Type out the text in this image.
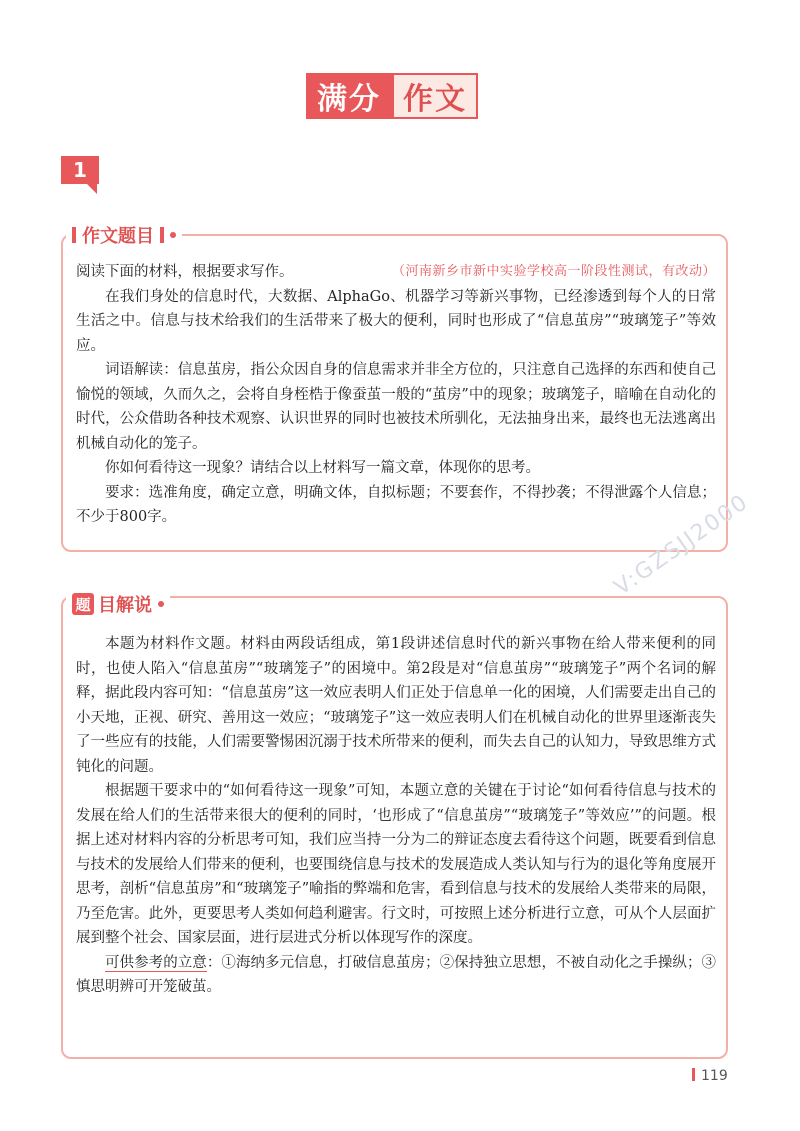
满分 作文
1
作文题目

阅读下面的材料，根据要求写作。	（河南新乡市新中实验学校高一阶段性测试，有改动）

在我们身处的信息时代，大数据、AlphaGo、机器学习等新兴事物，已经渗透到每个人的日常生活之中。信息与技术给我们的生活带来了极大的便利，同时也形成了“信息茧房”“玻璃笼子”等效应。

词语解读：信息茧房，指公众因自身的信息需求并非全方位的，只注意自己选择的东西和使自己愉悦的领域，久而久之，会将自身桎梏于像蚕茧一般的“茧房”中的现象；玻璃笼子，暗喻在自动化的时代，公众借助各种技术观察、认识世界的同时也被技术所驯化，无法抽身出来，最终也无法逃离出机械自动化的笼子。

你如何看待这一现象？请结合以上材料写一篇文章，体现你的思考。

要求：选准角度，确定立意，明确文体，自拟标题；不要套作，不得抄袭；不得泄露个人信息；不少于800字。

题 目解说

本题为材料作文题。材料由两段话组成，第1段讲述信息时代的新兴事物在给人带来便利的同时，也使人陷入“信息茧房”“玻璃笼子”的困境中。第2段是对“信息茧房”“玻璃笼子”两个名词的解释，据此段内容可知：“信息茧房”这一效应表明人们正处于信息单一化的困境，人们需要走出自己的小天地，正视、研究、善用这一效应；“玻璃笼子”这一效应表明人们在机械自动化的世界里逐渐丧失了一些应有的技能，人们需要警惕困沉溺于技术所带来的便利，而失去自己的认知力，导致思维方式钝化的问题。

根据题干要求中的“如何看待这一现象”可知，本题立意的关键在于讨论“如何看待信息与技术的发展在给人们的生活带来很大的便利的同时，‘也形成了“信息茧房”“玻璃笼子”等效应’”的问题。根据上述对材料内容的分析思考可知，我们应当持一分为二的辩证态度去看待这个问题，既要看到信息与技术的发展给人们带来的便利，也要围绕信息与技术的发展造成人类认知与行为的退化等角度展开思考，剖析“信息茧房”和“玻璃笼子”喻指的弊端和危害，看到信息与技术的发展给人类带来的局限，乃至危害。此外，更要思考人类如何趋利避害。行文时，可按照上述分析进行立意，可从个人层面扩展到整个社会、国家层面，进行层进式分析以体现写作的深度。

可供参考的立意：①海纳多元信息，打破信息茧房；②保持独立思想，不被自动化之手操纵；③慎思明辨可开笼破茧。

V:GZSJJ2000
119
